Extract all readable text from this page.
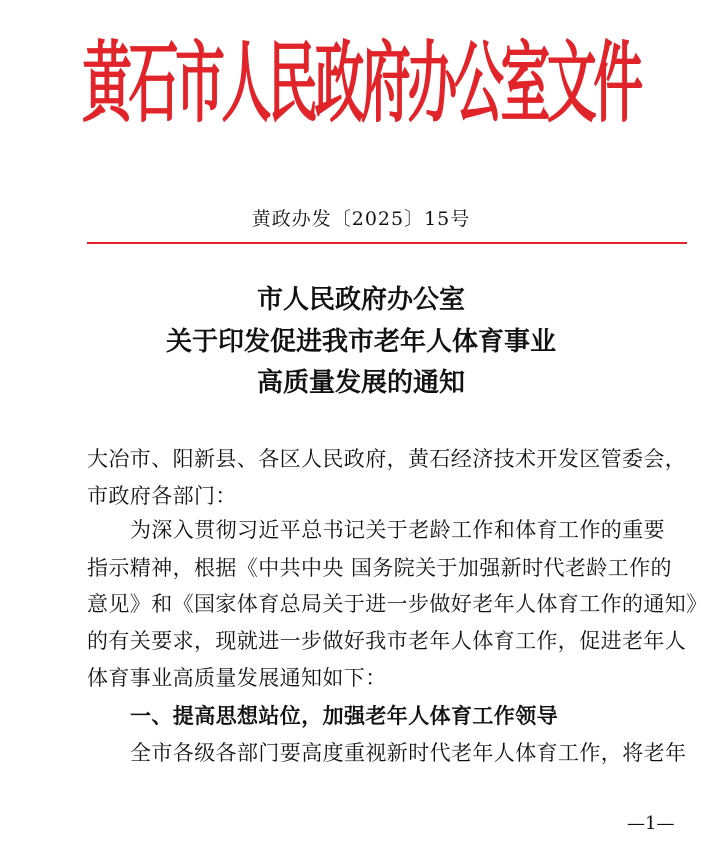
黄石市人民政府办公室文件
黄政办发〔2025〕15号
市人民政府办公室
关于印发促进我市老年人体育事业
高质量发展的通知
大冶市、阳新县、各区人民政府，黄石经济技术开发区管委会，
市政府各部门：
为深入贯彻习近平总书记关于老龄工作和体育工作的重要
指示精神，根据《中共中央 国务院关于加强新时代老龄工作的
意见》和《国家体育总局关于进一步做好老年人体育工作的通知》
的有关要求，现就进一步做好我市老年人体育工作，促进老年人
体育事业高质量发展通知如下：
一、提高思想站位，加强老年人体育工作领导
全市各级各部门要高度重视新时代老年人体育工作，将老年
—1—
